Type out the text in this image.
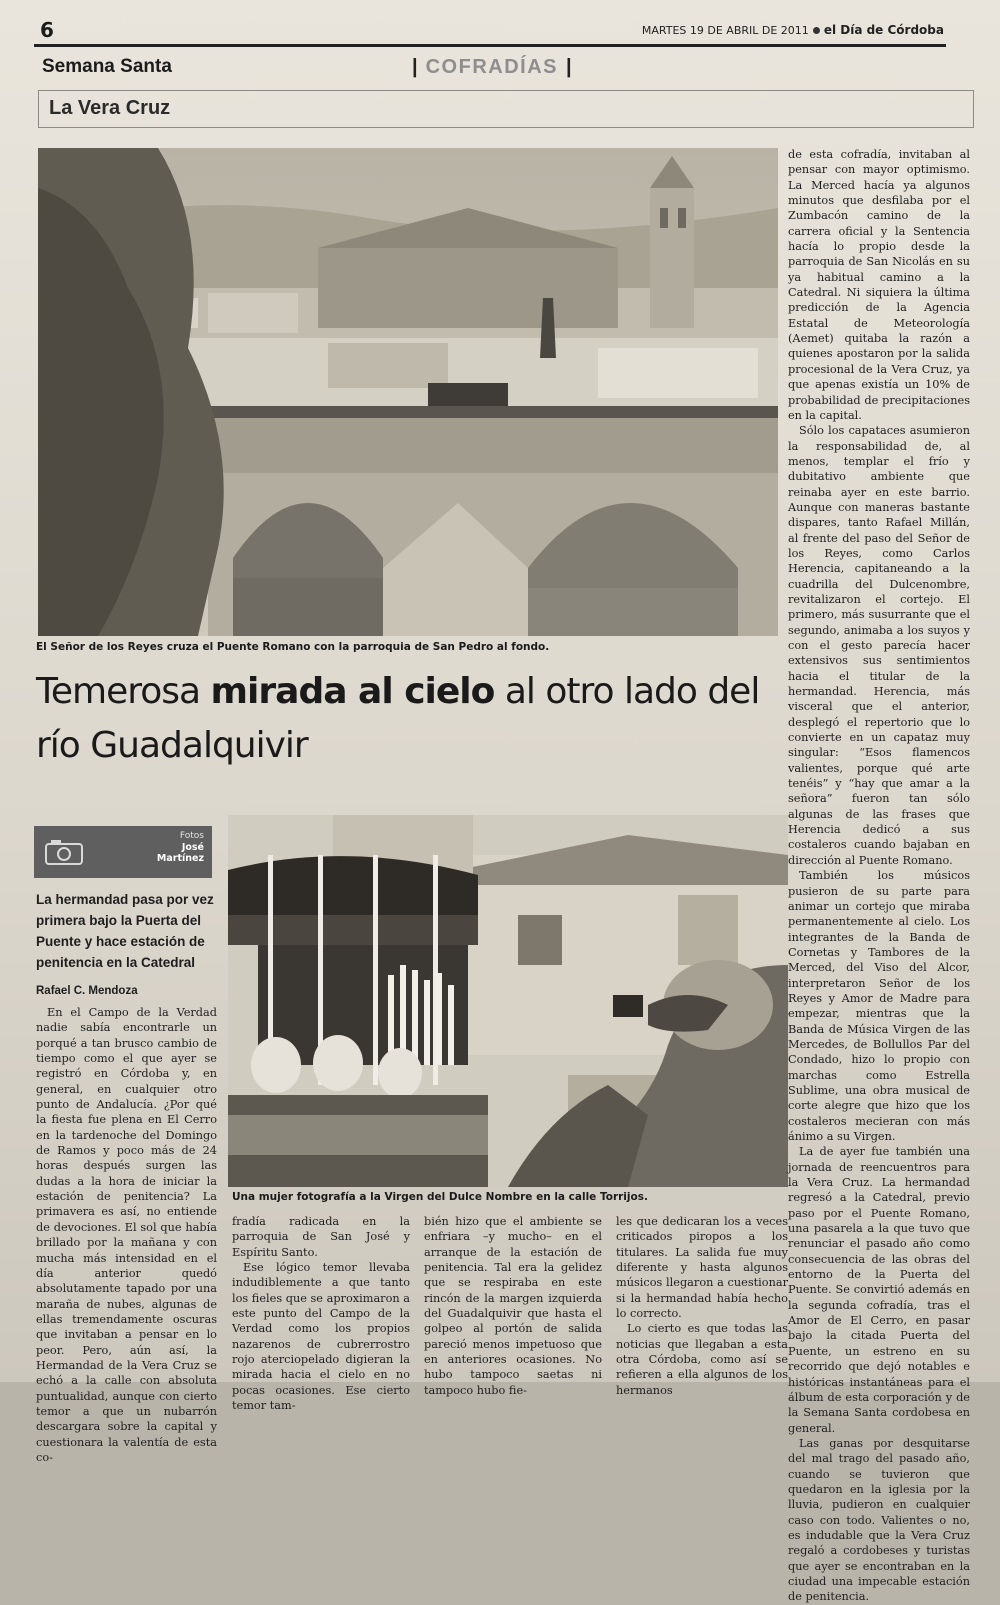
6	MARTES 19 DE ABRIL DE 2011 el Día de Córdoba
Semana Santa	| COFRADÍAS |
La Vera Cruz
El Señor de los Reyes cruza el Puente Romano con la parroquia de San Pedro al fondo.
Temerosa mirada al cielo al otro lado del río Guadalquivir
Fotos
José
Martínez
La hermandad pasa por vez primera bajo la Puerta del Puente y hace estación de penitencia en la Catedral
Rafael C. Mendoza
Una mujer fotografía a la Virgen del Dulce Nombre en la calle Torrijos.

En el Campo de la Verdad nadie sabía encontrarle un porqué a tan brusco cambio de tiempo como el que ayer se registró en Córdoba y, en general, en cualquier otro punto de Andalucía. ¿Por qué la fiesta fue plena en El Cerro en la tardenoche del Domingo de Ramos y poco más de 24 horas después surgen las dudas a la hora de iniciar la estación de penitencia? La primavera es así, no entiende de devociones. El sol que había brillado por la mañana y con mucha más intensidad en el día anterior quedó absolutamente tapado por una maraña de nubes, algunas de ellas tremendamente oscuras que invitaban a pensar en lo peor. Pero, aún así, la Hermandad de la Vera Cruz se echó a la calle con absoluta puntualidad, aunque con cierto temor a que un nubarrón descargara sobre la capital y cuestionara la valentía de esta co-

fradía radicada en la parroquia de San José y Espíritu Santo.

Ese lógico temor llevaba indudiblemente a que tanto los fieles que se aproximaron a este punto del Campo de la Verdad como los propios nazarenos de cubrerrostro rojo aterciopelado digieran la mirada hacia el cielo en no pocas ocasiones. Ese cierto temor tam-

bién hizo que el ambiente se enfriara –y mucho– en el arranque de la estación de penitencia. Tal era la gelidez que se respiraba en este rincón de la margen izquierda del Guadalquivir que hasta el golpeo al portón de salida pareció menos impetuoso que en anteriores ocasiones. No hubo tampoco saetas ni tampoco hubo fie-

les que dedicaran los a veces criticados piropos a los titulares. La salida fue muy diferente y hasta algunos músicos llegaron a cuestionar si la hermandad había hecho lo correcto.

Lo cierto es que todas las noticias que llegaban a esta otra Córdoba, como así se refieren a ella algunos de los hermanos

de esta cofradía, invitaban al pensar con mayor optimismo. La Merced hacía ya algunos minutos que desfilaba por el Zumbacón camino de la carrera oficial y la Sentencia hacía lo propio desde la parroquia de San Nicolás en su ya habitual camino a la Catedral. Ni siquiera la última predicción de la Agencia Estatal de Meteorología (Aemet) quitaba la razón a quienes apostaron por la salida procesional de la Vera Cruz, ya que apenas existía un 10% de probabilidad de precipitaciones en la capital.

Sólo los capataces asumieron la responsabilidad de, al menos, templar el frío y dubitativo ambiente que reinaba ayer en este barrio. Aunque con maneras bastante dispares, tanto Rafael Millán, al frente del paso del Señor de los Reyes, como Carlos Herencia, capitaneando a la cuadrilla del Dulcenombre, revitalizaron el cortejo. El primero, más susurrante que el segundo, animaba a los suyos y con el gesto parecía hacer extensivos sus sentimientos hacia el titular de la hermandad. Herencia, más visceral que el anterior, desplegó el repertorio que lo convierte en un capataz muy singular: “Esos flamencos valientes, porque qué arte tenéis” y “hay que amar a la señora” fueron tan sólo algunas de las frases que Herencia dedicó a sus costaleros cuando bajaban en dirección al Puente Romano.

También los músicos pusieron de su parte para animar un cortejo que miraba permanentemente al cielo. Los integrantes de la Banda de Cornetas y Tambores de la Merced, del Viso del Alcor, interpretaron Señor de los Reyes y Amor de Madre para empezar, mientras que la Banda de Música Virgen de las Mercedes, de Bollullos Par del Condado, hizo lo propio con marchas como Estrella Sublime, una obra musical de corte alegre que hizo que los costaleros mecieran con más ánimo a su Virgen.

La de ayer fue también una jornada de reencuentros para la Vera Cruz. La hermandad regresó a la Catedral, previo paso por el Puente Romano, una pasarela a la que tuvo que renunciar el pasado año como consecuencia de las obras del entorno de la Puerta del Puente. Se convirtió además en la segunda cofradía, tras el Amor de El Cerro, en pasar bajo la citada Puerta del Puente, un estreno en su recorrido que dejó notables e históricas instantáneas para el álbum de esta corporación y de la Semana Santa cordobesa en general.

Las ganas por desquitarse del mal trago del pasado año, cuando se tuvieron que quedaron en la iglesia por la lluvia, pudieron en cualquier caso con todo. Valientes o no, es indudable que la Vera Cruz regaló a cordobeses y turistas que ayer se encontraban en la ciudad una impecable estación de penitencia.
